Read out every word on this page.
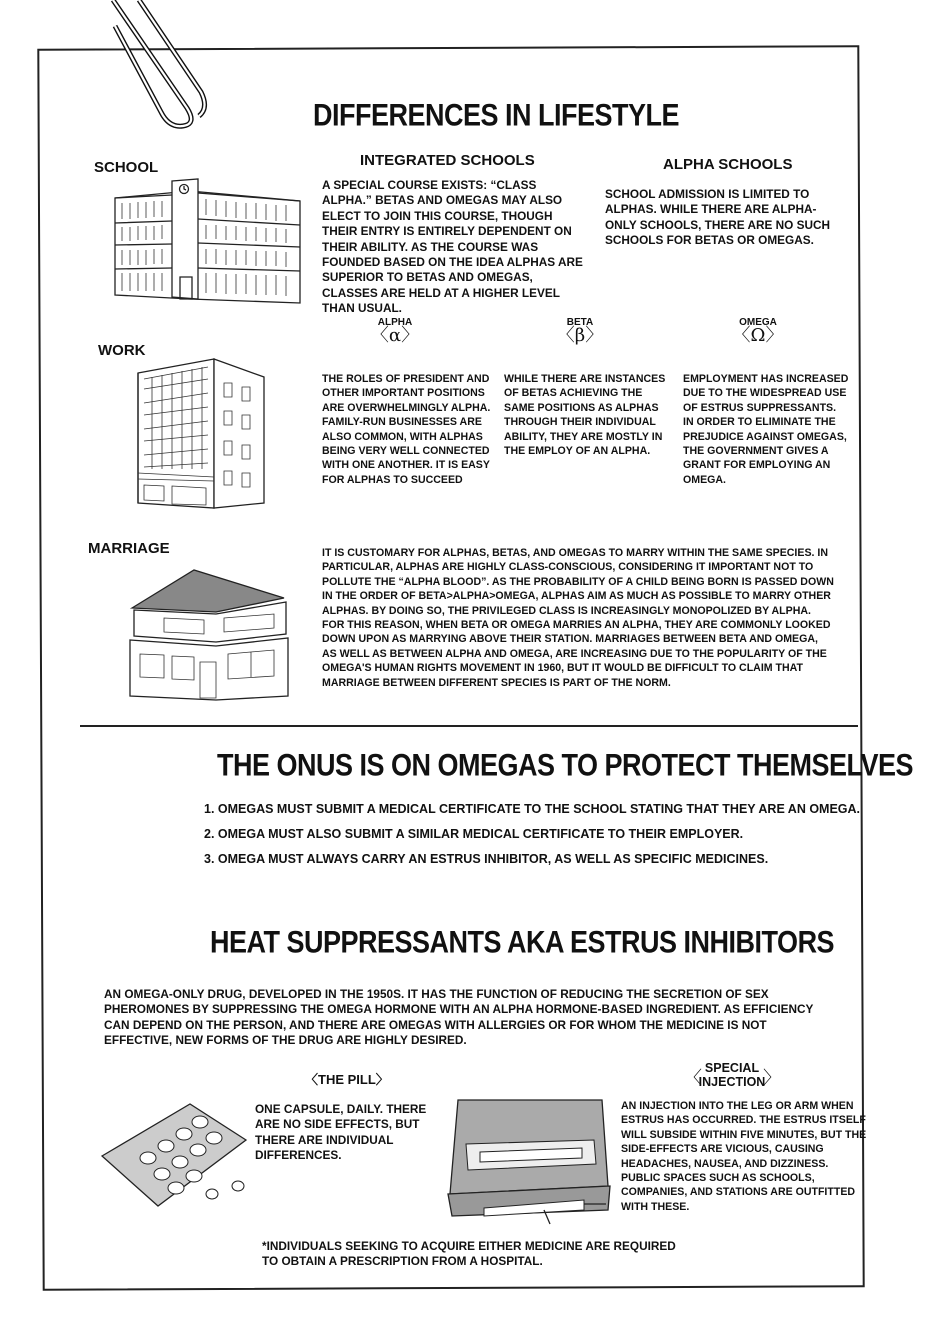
DIFFERENCES IN LIFESTYLE
SCHOOL	INTEGRATED SCHOOLS
A SPECIAL COURSE EXISTS: “CLASS ALPHA.” BETAS AND OMEGAS MAY ALSO ELECT TO JOIN THIS COURSE, THOUGH THEIR ENTRY IS ENTIRELY DEPENDENT ON THEIR ABILITY. AS THE COURSE WAS FOUNDED BASED ON THE IDEA ALPHAS ARE SUPERIOR TO BETAS AND OMEGAS, CLASSES ARE HELD AT A HIGHER LEVEL THAN USUAL.
ALPHA SCHOOLS
SCHOOL ADMISSION IS LIMITED TO ALPHAS. WHILE THERE ARE ALPHA-ONLY SCHOOLS, THERE ARE NO SUCH SCHOOLS FOR BETAS OR OMEGAS.
WORK
ALPHA
〈α〉
BETA
〈β〉
OMEGA
〈Ω〉
THE ROLES OF PRESIDENT AND OTHER IMPORTANT POSITIONS ARE OVERWHELMINGLY ALPHA. FAMILY-RUN BUSINESSES ARE ALSO COMMON, WITH ALPHAS BEING VERY WELL CONNECTED WITH ONE ANOTHER. IT IS EASY FOR ALPHAS TO SUCCEED
WHILE THERE ARE INSTANCES OF BETAS ACHIEVING THE SAME POSITIONS AS ALPHAS THROUGH THEIR INDIVIDUAL ABILITY, THEY ARE MOSTLY IN THE EMPLOY OF AN ALPHA.
EMPLOYMENT HAS INCREASED DUE TO THE WIDESPREAD USE OF ESTRUS SUPPRESSANTS. IN ORDER TO ELIMINATE THE PREJUDICE AGAINST OMEGAS, THE GOVERNMENT GIVES A GRANT FOR EMPLOYING AN OMEGA.
MARRIAGE	IT IS CUSTOMARY FOR ALPHAS, BETAS, AND OMEGAS TO MARRY WITHIN THE SAME SPECIES. IN PARTICULAR, ALPHAS ARE HIGHLY CLASS-CONSCIOUS, CONSIDERING IT IMPORTANT NOT TO POLLUTE THE “ALPHA BLOOD”. AS THE PROBABILITY OF A CHILD BEING BORN IS PASSED DOWN IN THE ORDER OF BETA>ALPHA>OMEGA, ALPHAS AIM AS MUCH AS POSSIBLE TO MARRY OTHER ALPHAS. BY DOING SO, THE PRIVILEGED CLASS IS INCREASINGLY MONOPOLIZED BY ALPHA. FOR THIS REASON, WHEN BETA OR OMEGA MARRIES AN ALPHA, THEY ARE COMMONLY LOOKED DOWN UPON AS MARRYING ABOVE THEIR STATION. MARRIAGES BETWEEN BETA AND OMEGA, AS WELL AS BETWEEN ALPHA AND OMEGA, ARE INCREASING DUE TO THE POPULARITY OF THE OMEGA'S HUMAN RIGHTS MOVEMENT IN 1960, BUT IT WOULD BE DIFFICULT TO CLAIM THAT MARRIAGE BETWEEN DIFFERENT SPECIES IS PART OF THE NORM.
THE ONUS IS ON OMEGAS TO PROTECT THEMSELVES
1. OMEGAS MUST SUBMIT A MEDICAL CERTIFICATE TO THE SCHOOL STATING THAT THEY ARE AN OMEGA.
2. OMEGA MUST ALSO SUBMIT A SIMILAR MEDICAL CERTIFICATE TO THEIR EMPLOYER.
3. OMEGA MUST ALWAYS CARRY AN ESTRUS INHIBITOR, AS WELL AS SPECIFIC MEDICINES.
HEAT SUPPRESSANTS AKA ESTRUS INHIBITORS
AN OMEGA-ONLY DRUG, DEVELOPED IN THE 1950S. IT HAS THE FUNCTION OF REDUCING THE SECRETION OF SEX PHEROMONES BY SUPPRESSING THE OMEGA HORMONE WITH AN ALPHA HORMONE-BASED INGREDIENT. AS EFFICIENCY CAN DEPEND ON THE PERSON, AND THERE ARE OMEGAS WITH ALLERGIES OR FOR WHOM THE MEDICINE IS NOT EFFECTIVE, NEW FORMS OF THE DRUG ARE HIGHLY DESIRED.
〈THE PILL〉
ONE CAPSULE, DAILY. THERE ARE NO SIDE EFFECTS, BUT THERE ARE INDIVIDUAL DIFFERENCES.
SPECIAL
INJECTION
〈	〉
AN INJECTION INTO THE LEG OR ARM WHEN ESTRUS HAS OCCURRED. THE ESTRUS ITSELF WILL SUBSIDE WITHIN FIVE MINUTES, BUT THE SIDE-EFFECTS ARE VICIOUS, CAUSING HEADACHES, NAUSEA, AND DIZZINESS. PUBLIC SPACES SUCH AS SCHOOLS, COMPANIES, AND STATIONS ARE OUTFITTED WITH THESE.
*INDIVIDUALS SEEKING TO ACQUIRE EITHER MEDICINE ARE REQUIRED TO OBTAIN A PRESCRIPTION FROM A HOSPITAL.
